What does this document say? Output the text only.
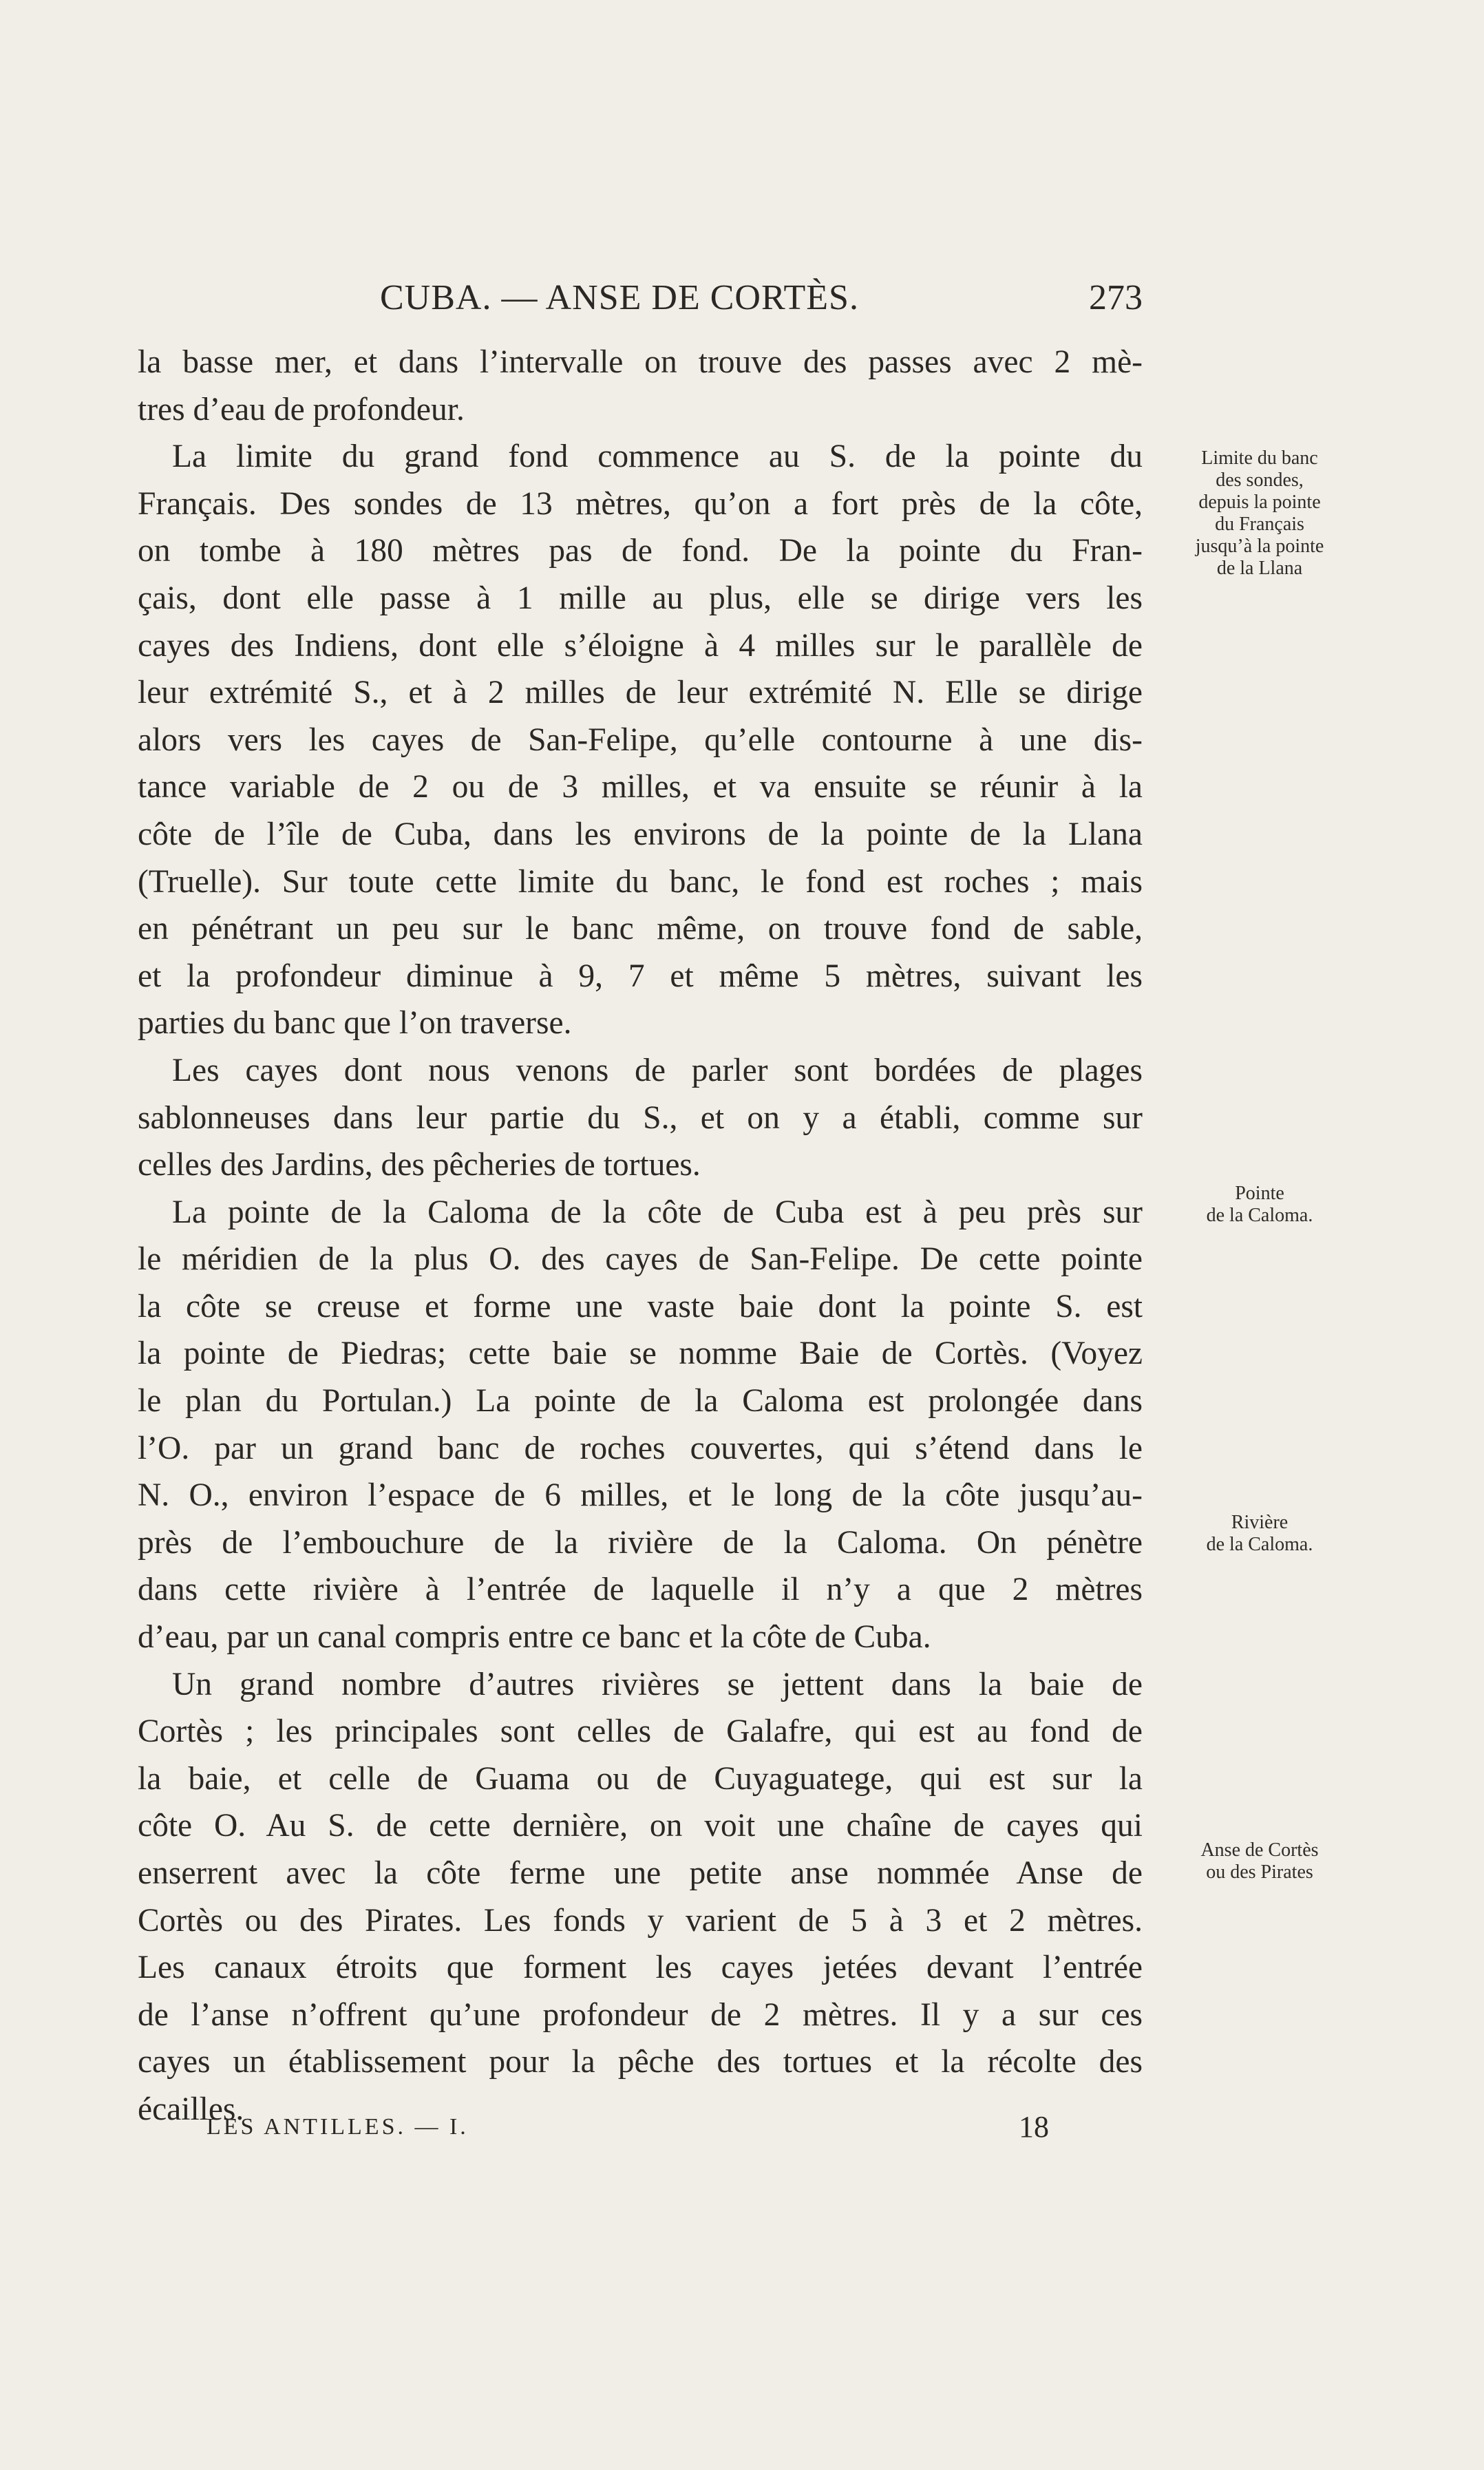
CUBA. — ANSE DE CORTÈS.	273

la basse mer, et dans l’intervalle on trouve des passes avec 2 mè-

tres d’eau de profondeur.

La limite du grand fond commence au S. de la pointe du

Français. Des sondes de 13 mètres, qu’on a fort près de la côte,

on tombe à 180 mètres pas de fond. De la pointe du Fran-

çais, dont elle passe à 1 mille au plus, elle se dirige vers les

cayes des Indiens, dont elle s’éloigne à 4 milles sur le parallèle de

leur extrémité S., et à 2 milles de leur extrémité N. Elle se dirige

alors vers les cayes de San-Felipe, qu’elle contourne à une dis-

tance variable de 2 ou de 3 milles, et va ensuite se réunir à la

côte de l’île de Cuba, dans les environs de la pointe de la Llana

(Truelle). Sur toute cette limite du banc, le fond est roches ; mais

en pénétrant un peu sur le banc même, on trouve fond de sable,

et la profondeur diminue à 9, 7 et même 5 mètres, suivant les

parties du banc que l’on traverse.

Les cayes dont nous venons de parler sont bordées de plages

sablonneuses dans leur partie du S., et on y a établi, comme sur

celles des Jardins, des pêcheries de tortues.

La pointe de la Caloma de la côte de Cuba est à peu près sur

le méridien de la plus O. des cayes de San-Felipe. De cette pointe

la côte se creuse et forme une vaste baie dont la pointe S. est

la pointe de Piedras; cette baie se nomme Baie de Cortès. (Voyez

le plan du Portulan.) La pointe de la Caloma est prolongée dans

l’O. par un grand banc de roches couvertes, qui s’étend dans le

N. O., environ l’espace de 6 milles, et le long de la côte jusqu’au-

près de l’embouchure de la rivière de la Caloma. On pénètre

dans cette rivière à l’entrée de laquelle il n’y a que 2 mètres

d’eau, par un canal compris entre ce banc et la côte de Cuba.

Un grand nombre d’autres rivières se jettent dans la baie de

Cortès ; les principales sont celles de Galafre, qui est au fond de

la baie, et celle de Guama ou de Cuyaguatege, qui est sur la

côte O. Au S. de cette dernière, on voit une chaîne de cayes qui

enserrent avec la côte ferme une petite anse nommée Anse de

Cortès ou des Pirates. Les fonds y varient de 5 à 3 et 2 mètres.

Les canaux étroits que forment les cayes jetées devant l’entrée

de l’anse n’offrent qu’une profondeur de 2 mètres. Il y a sur ces

cayes un établissement pour la pêche des tortues et la récolte des

écailles.

Limite du banc
des sondes,
depuis la pointe
du Français
jusqu’à la pointe
de la Llana
Pointe
de la Caloma.
Rivière
de la Caloma.
Anse de Cortès
ou des Pirates
LES ANTILLES. — I.	18
